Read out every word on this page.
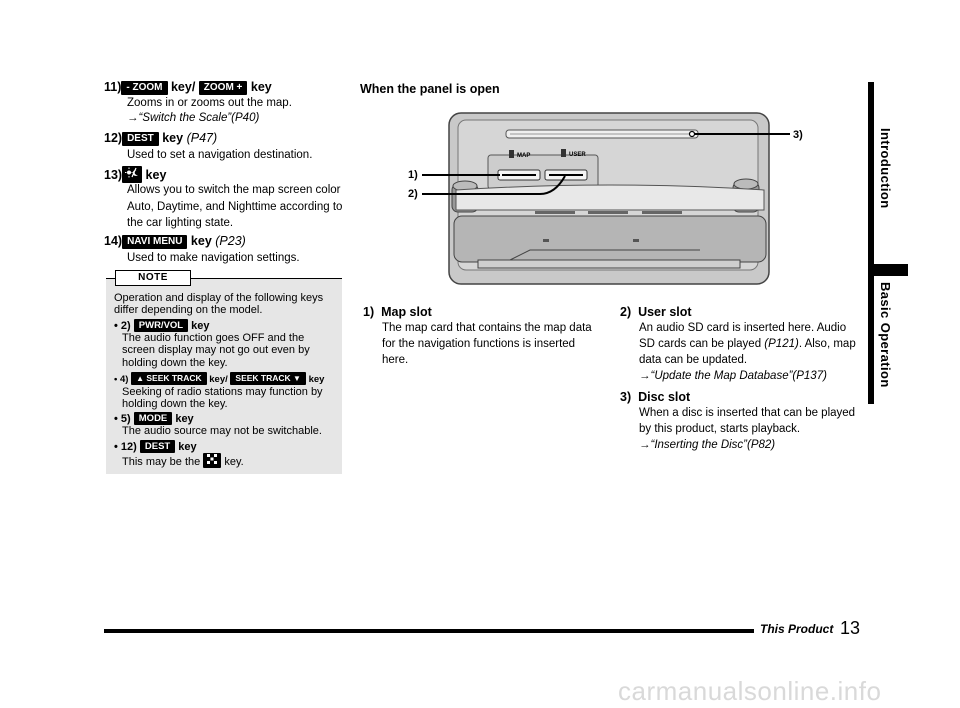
11) - ZOOM key/ ZOOM + key
Zooms in or zooms out the map.
→“Switch the Scale”(P40)
12) DEST key (P47)
Used to set a navigation destination.
13) key
Allows you to switch the map screen color
Auto, Daytime, and Nighttime according to
the car lighting state.
14) NAVI MENU key (P23)
Used to make navigation settings.
NOTE
Operation and display of the following keys
differ depending on the model.
• 2) PWR/VOL key
The audio function goes OFF and the
screen display may not go out even by
holding down the key.
• 4) ▲ SEEK TRACK key/ SEEK TRACK ▼ key
Seeking of radio stations may function by
holding down the key.
• 5) MODE key
The audio source may not be switchable.
• 12) DEST key
This may be the  key.
When the panel is open
MAP	USER
3)
1)
2)
1) Map slot
The map card that contains the map data
for the navigation functions is inserted
here.
2) User slot
An audio SD card is inserted here. Audio
SD cards can be played (P121). Also, map
data can be updated.
→“Update the Map Database”(P137)
3) Disc slot
When a disc is inserted that can be played
by this product, starts playback.
→“Inserting the Disc”(P82)
Introduction
Basic Operation
This Product 13
carmanualsonline.info
